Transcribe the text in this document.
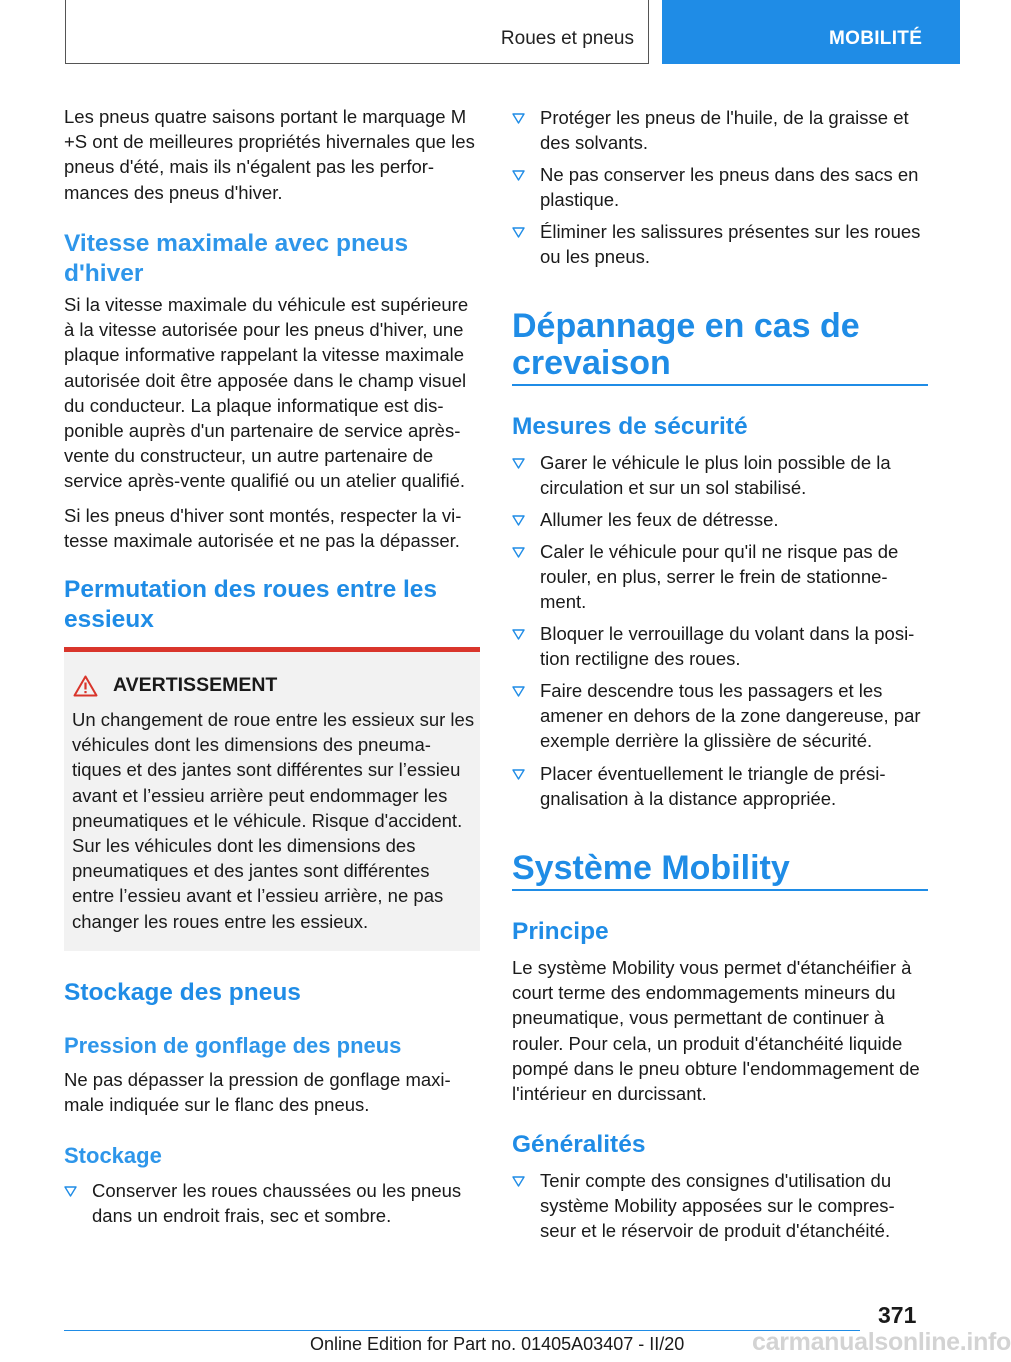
Roues et pneus	MOBILITÉ
Les pneus quatre saisons portant le marquage M +S ont de meilleures propriétés hivernales que les pneus d'été, mais ils n'égalent pas les perfor‐ mances des pneus d'hiver.
Vitesse maximale avec pneus d'hiver
Si la vitesse maximale du véhicule est supérieure à la vitesse autorisée pour les pneus d'hiver, une plaque informative rappelant la vitesse maximale autorisée doit être apposée dans le champ visuel du conducteur. La plaque informatique est dis‐ ponible auprès d'un partenaire de service après- vente du constructeur, un autre partenaire de service après-vente qualifié ou un atelier qualifié.
Si les pneus d'hiver sont montés, respecter la vi‐ tesse maximale autorisée et ne pas la dépasser.
Permutation des roues entre les essieux
AVERTISSEMENT
Un changement de roue entre les essieux sur les véhicules dont les dimensions des pneuma‐ tiques et des jantes sont différentes sur l’essieu avant et l’essieu arrière peut endommager les pneumatiques et le véhicule. Risque d'accident. Sur les véhicules dont les dimensions des pneumatiques et des jantes sont différentes entre l’essieu avant et l’essieu arrière, ne pas changer les roues entre les essieux.
Stockage des pneus
Pression de gonflage des pneus
Ne pas dépasser la pression de gonflage maxi‐ male indiquée sur le flanc des pneus.
Stockage
Conserver les roues chaussées ou les pneus dans un endroit frais, sec et sombre.
Protéger les pneus de l'huile, de la graisse et des solvants.
Ne pas conserver les pneus dans des sacs en plastique.
Éliminer les salissures présentes sur les roues ou les pneus.
Dépannage en cas de crevaison
Mesures de sécurité
Garer le véhicule le plus loin possible de la circulation et sur un sol stabilisé.
Allumer les feux de détresse.
Caler le véhicule pour qu'il ne risque pas de rouler, en plus, serrer le frein de stationne‐ ment.
Bloquer le verrouillage du volant dans la posi‐ tion rectiligne des roues.
Faire descendre tous les passagers et les amener en dehors de la zone dangereuse, par exemple derrière la glissière de sécurité.
Placer éventuellement le triangle de prési‐ gnalisation à la distance appropriée.
Système Mobility
Principe
Le système Mobility vous permet d'étanchéifier à court terme des endommagements mineurs du pneumatique, vous permettant de continuer à rouler. Pour cela, un produit d'étanchéité liquide pompé dans le pneu obture l'endommagement de l'intérieur en durcissant.
Généralités
Tenir compte des consignes d'utilisation du système Mobility apposées sur le compres‐ seur et le réservoir de produit d'étanchéité.
371
Online Edition for Part no. 01405A03407 - II/20	carmanualsonline.info
